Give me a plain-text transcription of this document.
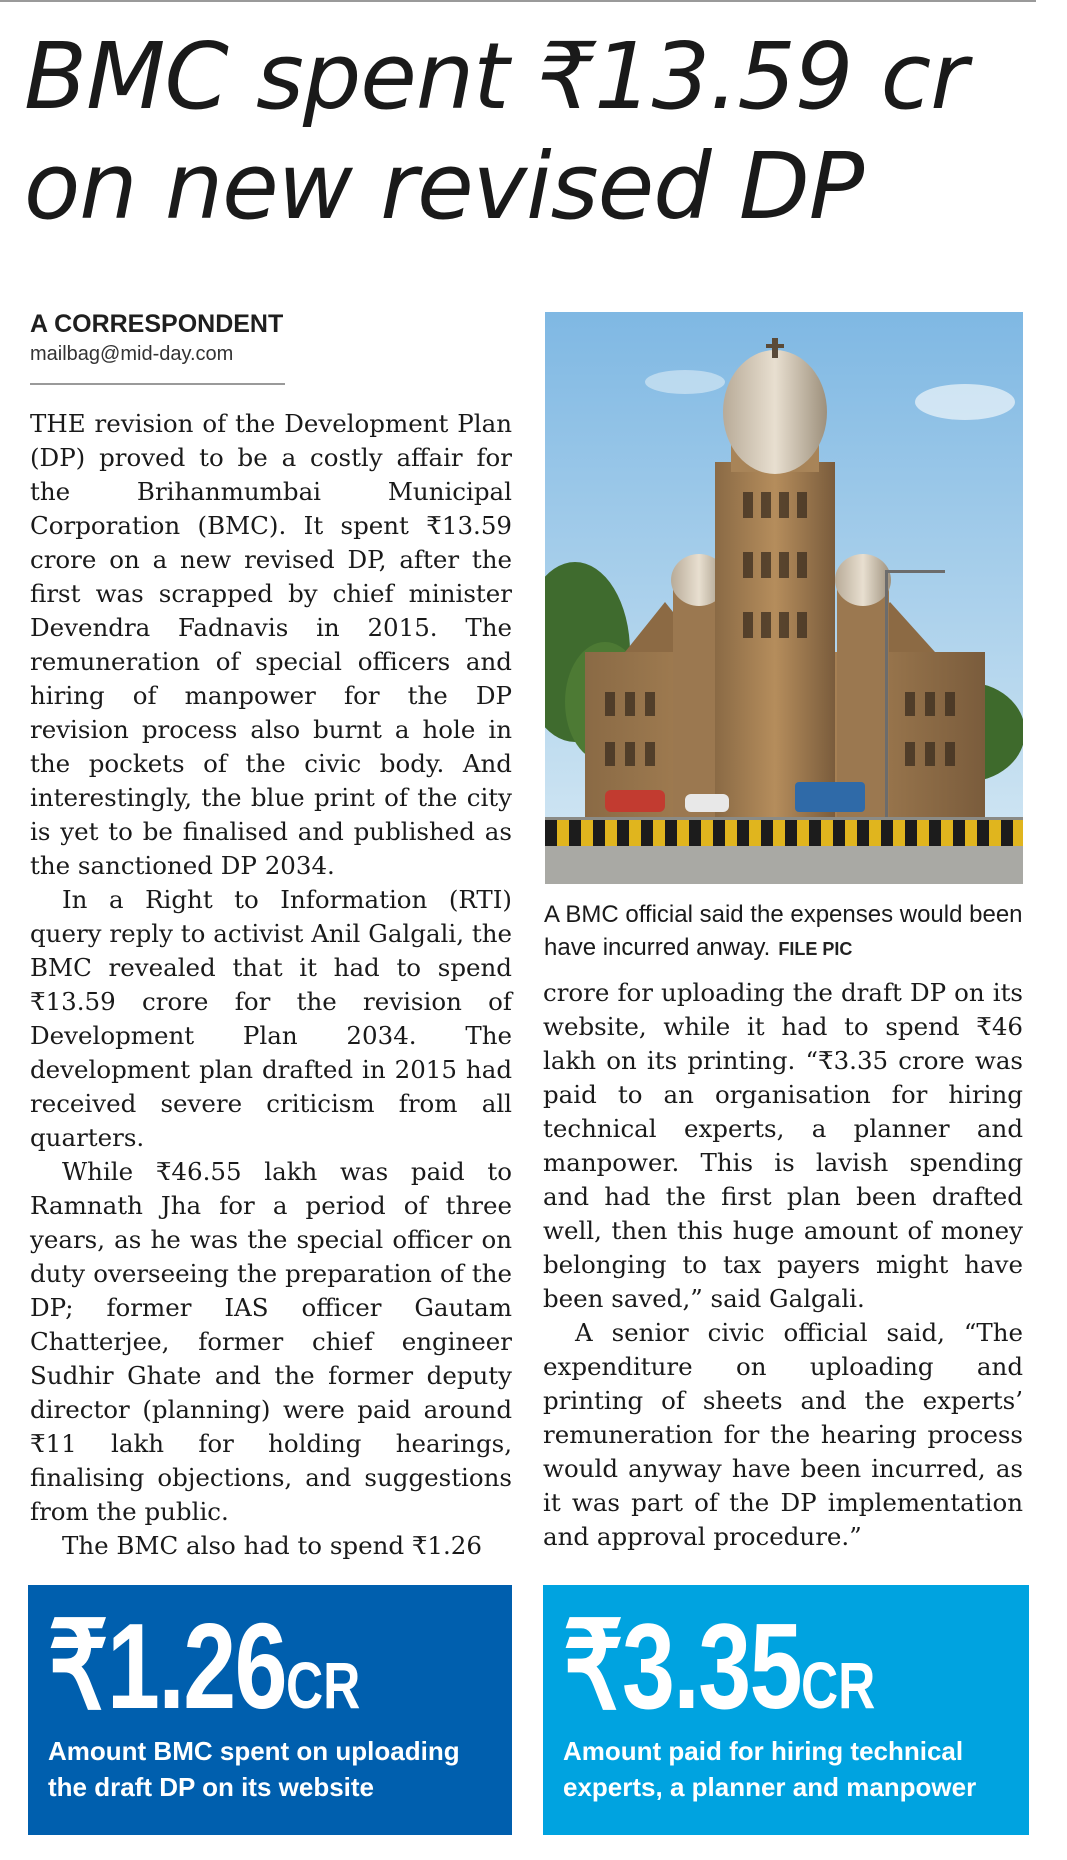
BMC spent ₹13.59 cr
on new revised DP
A CORRESPONDENT
mailbag@mid-day.com

THE revision of the Development Plan (DP) proved to be a costly affair for the Brihanmumbai Municipal Corporation (BMC). It spent ₹13.59 crore on a new revised DP, after the first was scrapped by chief minister Devendra Fadnavis in 2015. The remuneration of special officers and hiring of manpower for the DP revision process also burnt a hole in the pockets of the civic body. And interestingly, the blue print of the city is yet to be finalised and published as the sanctioned DP 2034.

In a Right to Information (RTI) query reply to activist Anil Galgali, the BMC revealed that it had to spend ₹13.59 crore for the revision of Development Plan 2034. The development plan drafted in 2015 had received severe criticism from all quarters.

While ₹46.55 lakh was paid to Ramnath Jha for a period of three years, as he was the special officer on duty overseeing the preparation of the DP; former IAS officer Gautam Chatterjee, former chief engineer Sudhir Ghate and the former deputy director (planning) were paid around ₹11 lakh for holding hearings, finalising objections, and suggestions from the public.

The BMC also had to spend ₹1.26

A BMC official said the expenses would been have incurred anway. FILE PIC

crore for uploading the draft DP on its website, while it had to spend ₹46 lakh on its printing. “₹3.35 crore was paid to an organisation for hiring technical experts, a planner and manpower. This is lavish spending and had the first plan been drafted well, then this huge amount of money belonging to tax payers might have been saved,” said Galgali.

A senior civic official said, “The expenditure on uploading and printing of sheets and the experts’ remuneration for the hearing process would anyway have been incurred, as it was part of the DP implementation and approval procedure.”

₹1.26CR
Amount BMC spent on uploading the draft DP on its website
₹3.35CR
Amount paid for hiring technical experts, a planner and manpower
